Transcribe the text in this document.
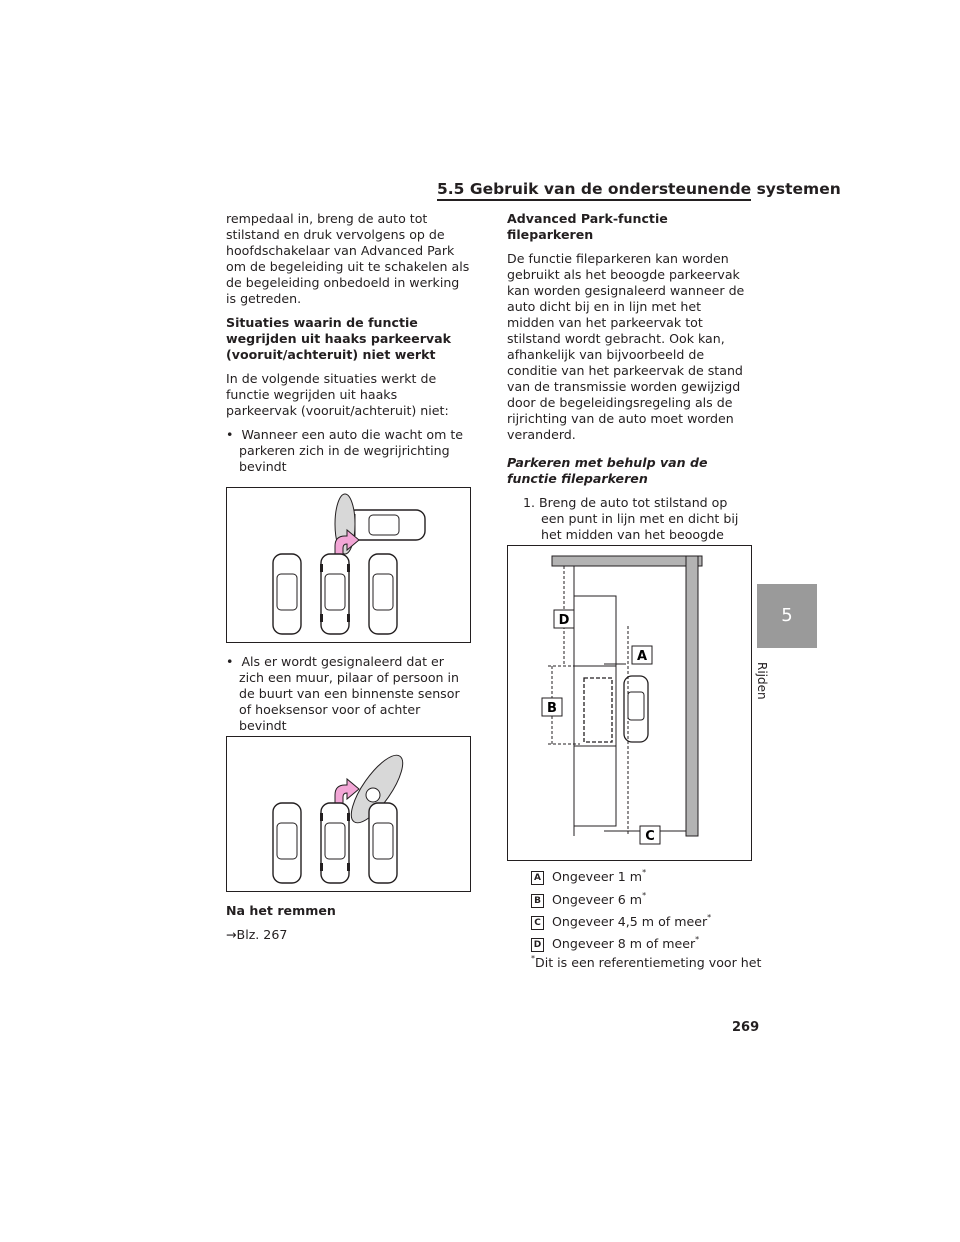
5.5 Gebruik van de ondersteunende systemen

rempedaal in, breng de auto tot stilstand en druk vervolgens op de hoofdschakelaar van Advanced Park om de begeleiding uit te schakelen als de begeleiding onbedoeld in werking is getreden.

Situaties waarin de functie wegrijden uit haaks parkeervak (vooruit/achteruit) niet werkt

In de volgende situaties werkt de functie wegrijden uit haaks parkeervak (vooruit/achteruit) niet:

•  Wanneer een auto die wacht om te parkeren zich in de wegrijrichting bevindt

•  Als er wordt gesignaleerd dat er zich een muur, pilaar of persoon in de buurt van een binnenste sensor of hoeksensor voor of achter bevindt

Na het remmen

→Blz. 267

Advanced Park-functie fileparkeren

De functie fileparkeren kan worden gebruikt als het beoogde parkeervak kan worden gesignaleerd wanneer de auto dicht bij en in lijn met het midden van het parkeervak tot stilstand wordt gebracht. Ook kan, afhankelijk van bijvoorbeeld de conditie van het parkeervak de stand van de transmissie worden gewijzigd door de begeleidingsregeling als de rijrichting van de auto moet worden veranderd.

Parkeren met behulp van de functie fileparkeren

1. Breng de auto tot stilstand op een punt in lijn met en dicht bij het midden van het beoogde

A
B
C
D
A Ongeveer 1 m*
B Ongeveer 6 m*
C Ongeveer 4,5 m of meer*
D Ongeveer 8 m of meer*
*Dit is een referentiemeting voor het
5
Rijden
269
